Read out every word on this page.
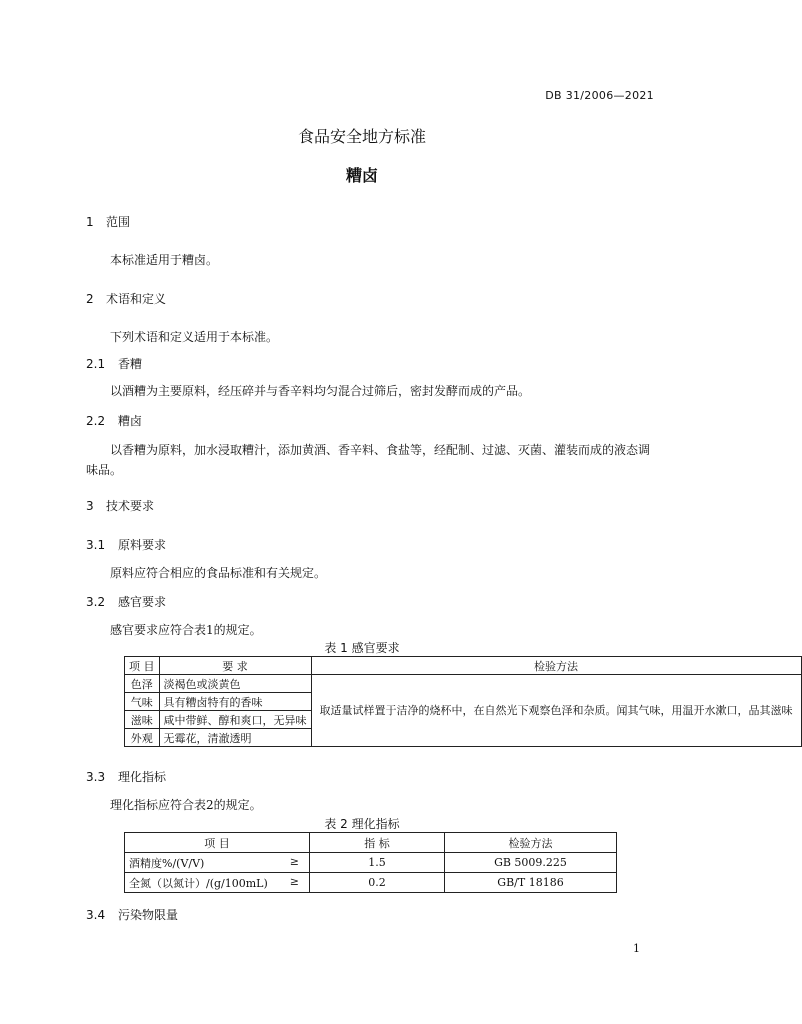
DB 31/2006—2021
食品安全地方标准
糟卤
1 范围
本标准适用于糟卤。
2 术语和定义
下列术语和定义适用于本标准。
2.1 香糟
以酒糟为主要原料，经压碎并与香辛料均匀混合过筛后，密封发酵而成的产品。
2.2 糟卤
以香糟为原料，加水浸取糟汁，添加黄酒、香辛料、食盐等，经配制、过滤、灭菌、灌装而成的液态调味品。
3 技术要求
3.1 原料要求
原料应符合相应的食品标准和有关规定。
3.2 感官要求
感官要求应符合表1的规定。
表 1 感官要求
项 目	要 求	检验方法
色泽	淡褐色或淡黄色	取适量试样置于洁净的烧杯中，在自然光下观察色泽和杂质。闻其气味，用温开水漱口，品其滋味
气味	具有糟卤特有的香味	
滋味	咸中带鲜、醇和爽口，无异味	
外观	无霉花，清澈透明	
3.3 理化指标
理化指标应符合表2的规定。
表 2 理化指标
项 目	指 标	检验方法
酒精度%/(V/V) ≥	1.5	GB 5009.225
全氮（以氮计）/(g/100mL) ≥	0.2	GB/T 18186
3.4 污染物限量
1
